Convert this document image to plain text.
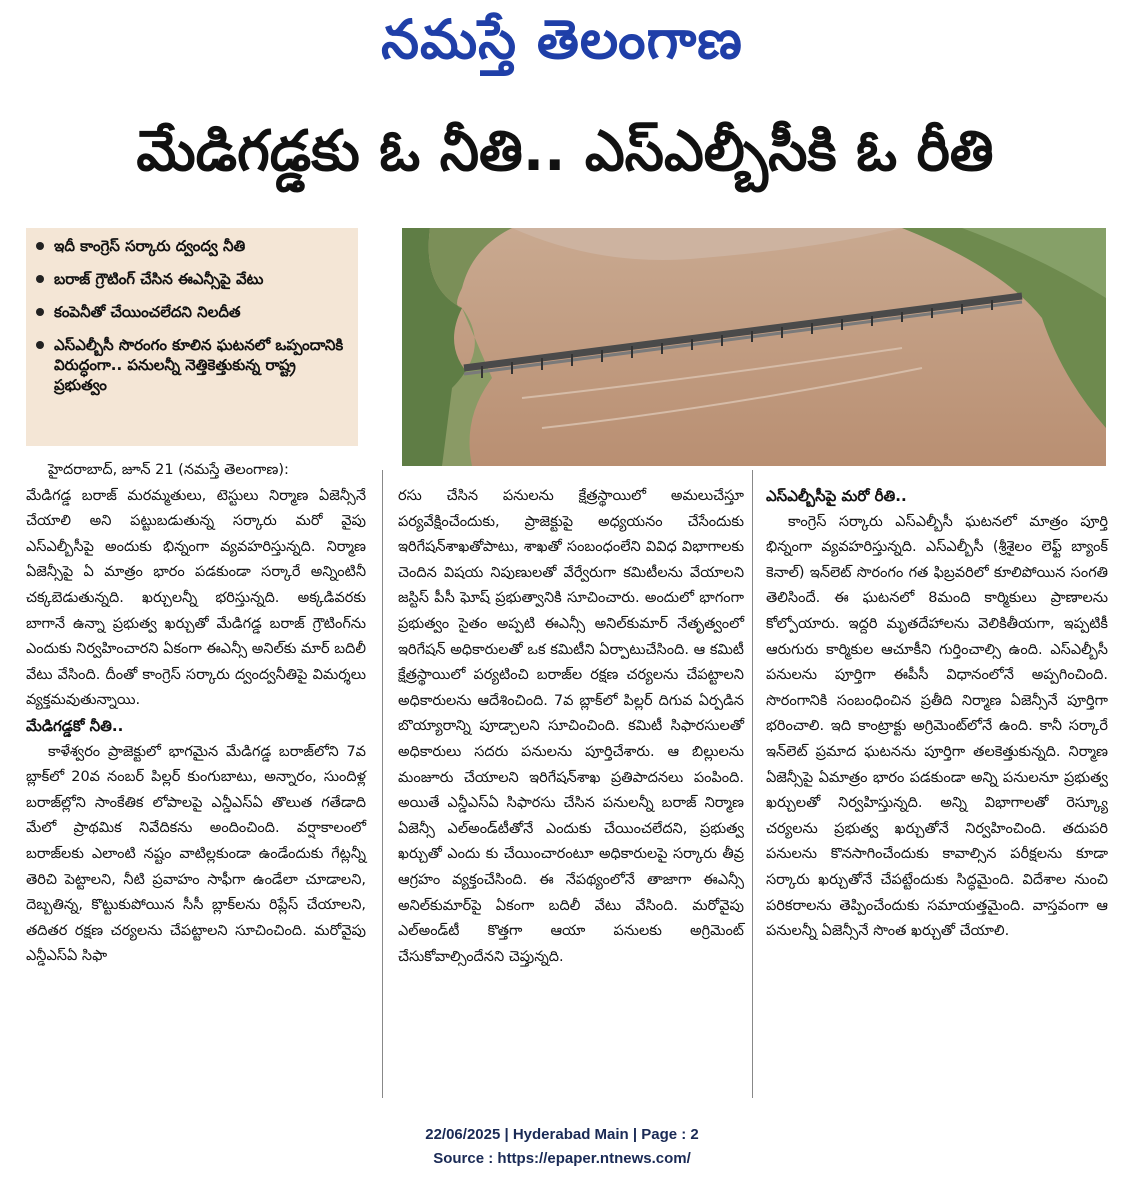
నమస్తే తెలంగాణ
మేడిగడ్డకు ఓ నీతి.. ఎస్ఎల్బీసీకి ఓ రీతి
ఇదీ కాంగ్రెస్ సర్కారు ద్వంద్వ నీతి
బరాజ్ గ్రౌటింగ్ చేసిన ఈఎన్సీపై వేటు
కంపెనీతో చేయించలేదని నిలదీత
ఎస్ఎల్బీసీ సొరంగం కూలిన ఘటనలో ఒప్పందానికి విరుద్ధంగా.. పనులన్నీ నెత్తికెత్తుకున్న రాష్ట్ర ప్రభుత్వం

హైదరాబాద్, జూన్ 21 (నమస్తే తెలంగాణ):

మేడిగడ్డ బరాజ్ మరమ్మతులు, టెస్టులు నిర్మాణ ఏజెన్సీనే చేయాలి అని పట్టుబడుతున్న సర్కారు మరో వైపు ఎస్ఎల్బీసీపై అందుకు భిన్నంగా వ్యవహరిస్తున్నది. నిర్మాణ ఏజెన్సీపై ఏ మాత్రం భారం పడకుండా సర్కారే అన్నింటినీ చక్కబెడుతున్నది. ఖర్చులన్నీ భరిస్తున్నది. అక్కడివరకు బాగానే ఉన్నా ప్రభుత్వ ఖర్చుతో మేడిగడ్డ బరాజ్ గ్రౌటింగ్‌ను ఎందుకు నిర్వహించారని ఏకంగా ఈఎన్సీ అనిల్‌కు మార్ బదిలీ వేటు వేసింది. దీంతో కాంగ్రెస్ సర్కారు ద్వంద్వనీతిపై విమర్శలు వ్యక్తమవుతున్నాయి.

మేడిగడ్డకో నీతి..

కాళేశ్వరం ప్రాజెక్టులో భాగమైన మేడిగడ్డ బరాజ్‌లోని 7వ బ్లాక్‌లో 20వ నంబర్ పిల్లర్ కుంగుబాటు, అన్నారం, సుందిళ్ల బరాజ్‌ల్లోని సాంకేతిక లోపాలపై ఎన్డీఎస్ఏ తొలుత గతేడాది మేలో ప్రాథమిక నివేదికను అందించింది. వర్షాకాలంలో బరాజ్‌లకు ఎలాంటి నష్టం వాటిల్లకుండా ఉండేందుకు గేట్లన్నీ తెరిచి పెట్టాలని, నీటి ప్రవాహం సాఫీగా ఉండేలా చూడాలని, దెబ్బతిన్న, కొట్టుకుపోయిన సీసీ బ్లాక్‌లను రిప్లేస్ చేయాలని, తదితర రక్షణ చర్యలను చేపట్టాలని సూచించింది. మరోవైపు ఎన్డీఎస్ఏ సిఫా

రసు చేసిన పనులను క్షేత్రస్థాయిలో అమలుచేస్తూ పర్యవేక్షించేందుకు, ప్రాజెక్టుపై అధ్యయనం చేసేందుకు ఇరిగేషన్‌శాఖతోపాటు, శాఖతో సంబంధంలేని వివిధ విభాగాలకు చెందిన విషయ నిపుణులతో వేర్వేరుగా కమిటీలను వేయాలని జస్టిస్ పీసీ ఘోష్ ప్రభుత్వానికి సూచించారు. అందులో భాగంగా ప్రభుత్వం సైతం అప్పటి ఈఎన్సీ అనిల్‌కుమార్ నేతృత్వంలో ఇరిగేషన్ అధికారులతో ఒక కమిటీని ఏర్పాటుచేసింది. ఆ కమిటీ క్షేత్రస్థాయిలో పర్యటించి బరాజ్‌ల రక్షణ చర్యలను చేపట్టాలని అధికారులను ఆదేశించింది. 7వ బ్లాక్‌లో పిల్లర్ దిగువ ఏర్పడిన బొయ్యారాన్ని పూడ్చాలని సూచించింది. కమిటీ సిఫారసులతో అధికారులు సదరు పనులను పూర్తిచేశారు. ఆ బిల్లులను మంజూరు చేయాలని ఇరిగేషన్‌శాఖ ప్రతిపాదనలు పంపింది. అయితే ఎన్డీఎస్ఏ సిఫారసు చేసిన పనులన్నీ బరాజ్ నిర్మాణ ఏజెన్సీ ఎల్అండ్‌టీతోనే ఎందుకు చేయించలేదని, ప్రభుత్వ ఖర్చుతో ఎందు కు చేయించారంటూ అధికారులపై సర్కారు తీవ్ర ఆగ్రహం వ్యక్తంచేసింది. ఈ నేపథ్యంలోనే తాజాగా ఈఎన్సీ అనిల్‌కుమార్‌పై ఏకంగా బదిలీ వేటు వేసింది. మరోవైపు ఎల్అండ్‌టీ కొత్తగా ఆయా పనులకు అగ్రిమెంట్ చేసుకోవాల్సిందేనని చెప్తున్నది.

ఎస్ఎల్బీసీపై మరో రీతి..

కాంగ్రెస్ సర్కారు ఎస్ఎల్బీసీ ఘటనలో మాత్రం పూర్తి భిన్నంగా వ్యవహరిస్తున్నది. ఎస్ఎల్బీసీ (శ్రీశైలం లెఫ్ట్ బ్యాంక్ కెనాల్) ఇన్‌లెట్ సొరంగం గత ఫిబ్రవరిలో కూలిపోయిన సంగతి తెలిసిందే. ఈ ఘటనలో 8మంది కార్మికులు ప్రాణాలను కోల్పోయారు. ఇద్దరి మృతదేహాలను వెలికితీయగా, ఇప్పటికీ ఆరుగురు కార్మికుల ఆచూకీని గుర్తించాల్సి ఉంది. ఎస్ఎల్బీసీ పనులను పూర్తిగా ఈపీసీ విధానంలోనే అప్పగించింది. సొరంగానికి సంబంధించిన ప్రతీది నిర్మాణ ఏజెన్సీనే పూర్తిగా భరించాలి. ఇది కాంట్రాక్టు అగ్రిమెంట్‌లోనే ఉంది. కానీ సర్కారే ఇన్‌లెట్ ప్రమాద ఘటనను పూర్తిగా తలకెత్తుకున్నది. నిర్మాణ ఏజెన్సీపై ఏమాత్రం భారం పడకుండా అన్ని పనులనూ ప్రభుత్వ ఖర్చులతో నిర్వహిస్తున్నది. అన్ని విభాగాలతో రెస్క్యూ చర్యలను ప్రభుత్వ ఖర్చుతోనే నిర్వహించింది. తదుపరి పనులను కొనసాగించేందుకు కావాల్సిన పరీక్షలను కూడా సర్కారు ఖర్చుతోనే చేపట్టేందుకు సిద్ధమైంది. విదేశాల నుంచి పరికరాలను తెప్పించేందుకు సమాయత్తమైంది. వాస్తవంగా ఆ పనులన్నీ ఏజెన్సీనే సొంత ఖర్చుతో చేయాలి.

22/06/2025 | Hyderabad Main | Page : 2
Source : https://epaper.ntnews.com/
